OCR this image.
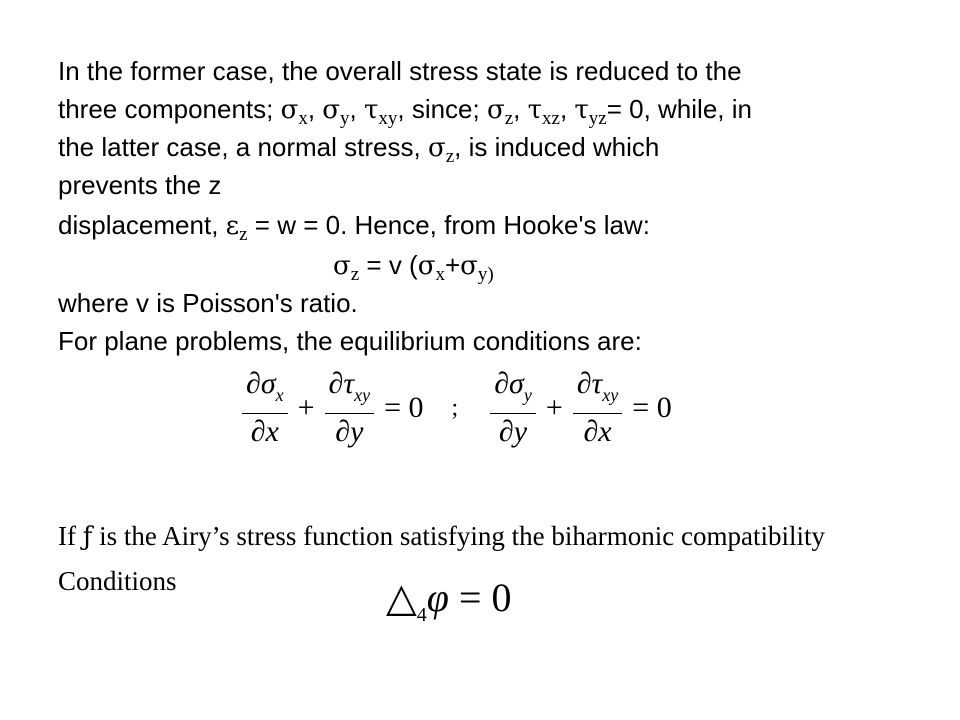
In the former case, the overall stress state is reduced to the
three components; $\sigma_x$, $\sigma_y$, $\tau_{xy}$, since; $\sigma_z$, $\tau_{xz}$, $\tau_{yz}= 0$, while, in
the latter case, a normal stress, $\sigma_z$, is induced which
prevents the z
displacement, $\varepsilon_z = w = 0$. Hence, from Hooke's law:
$\sigma_z = v$ ($\sigma_x+\sigma_{y)}$
where v is Poisson's ratio.
For plane problems, the equilibrium conditions are:
$\frac{\partial\sigma_x}{\partial x} + \frac{\partial\tau_{xy}}{\partial y} = 0$ ; $\frac{\partial\sigma_y}{\partial y} + \frac{\partial\tau_{xy}}{\partial x} = 0$
If ƒ is the Airy’s stress function satisfying the biharmonic compatibility Conditions	$\triangle_4\varphi = 0$
